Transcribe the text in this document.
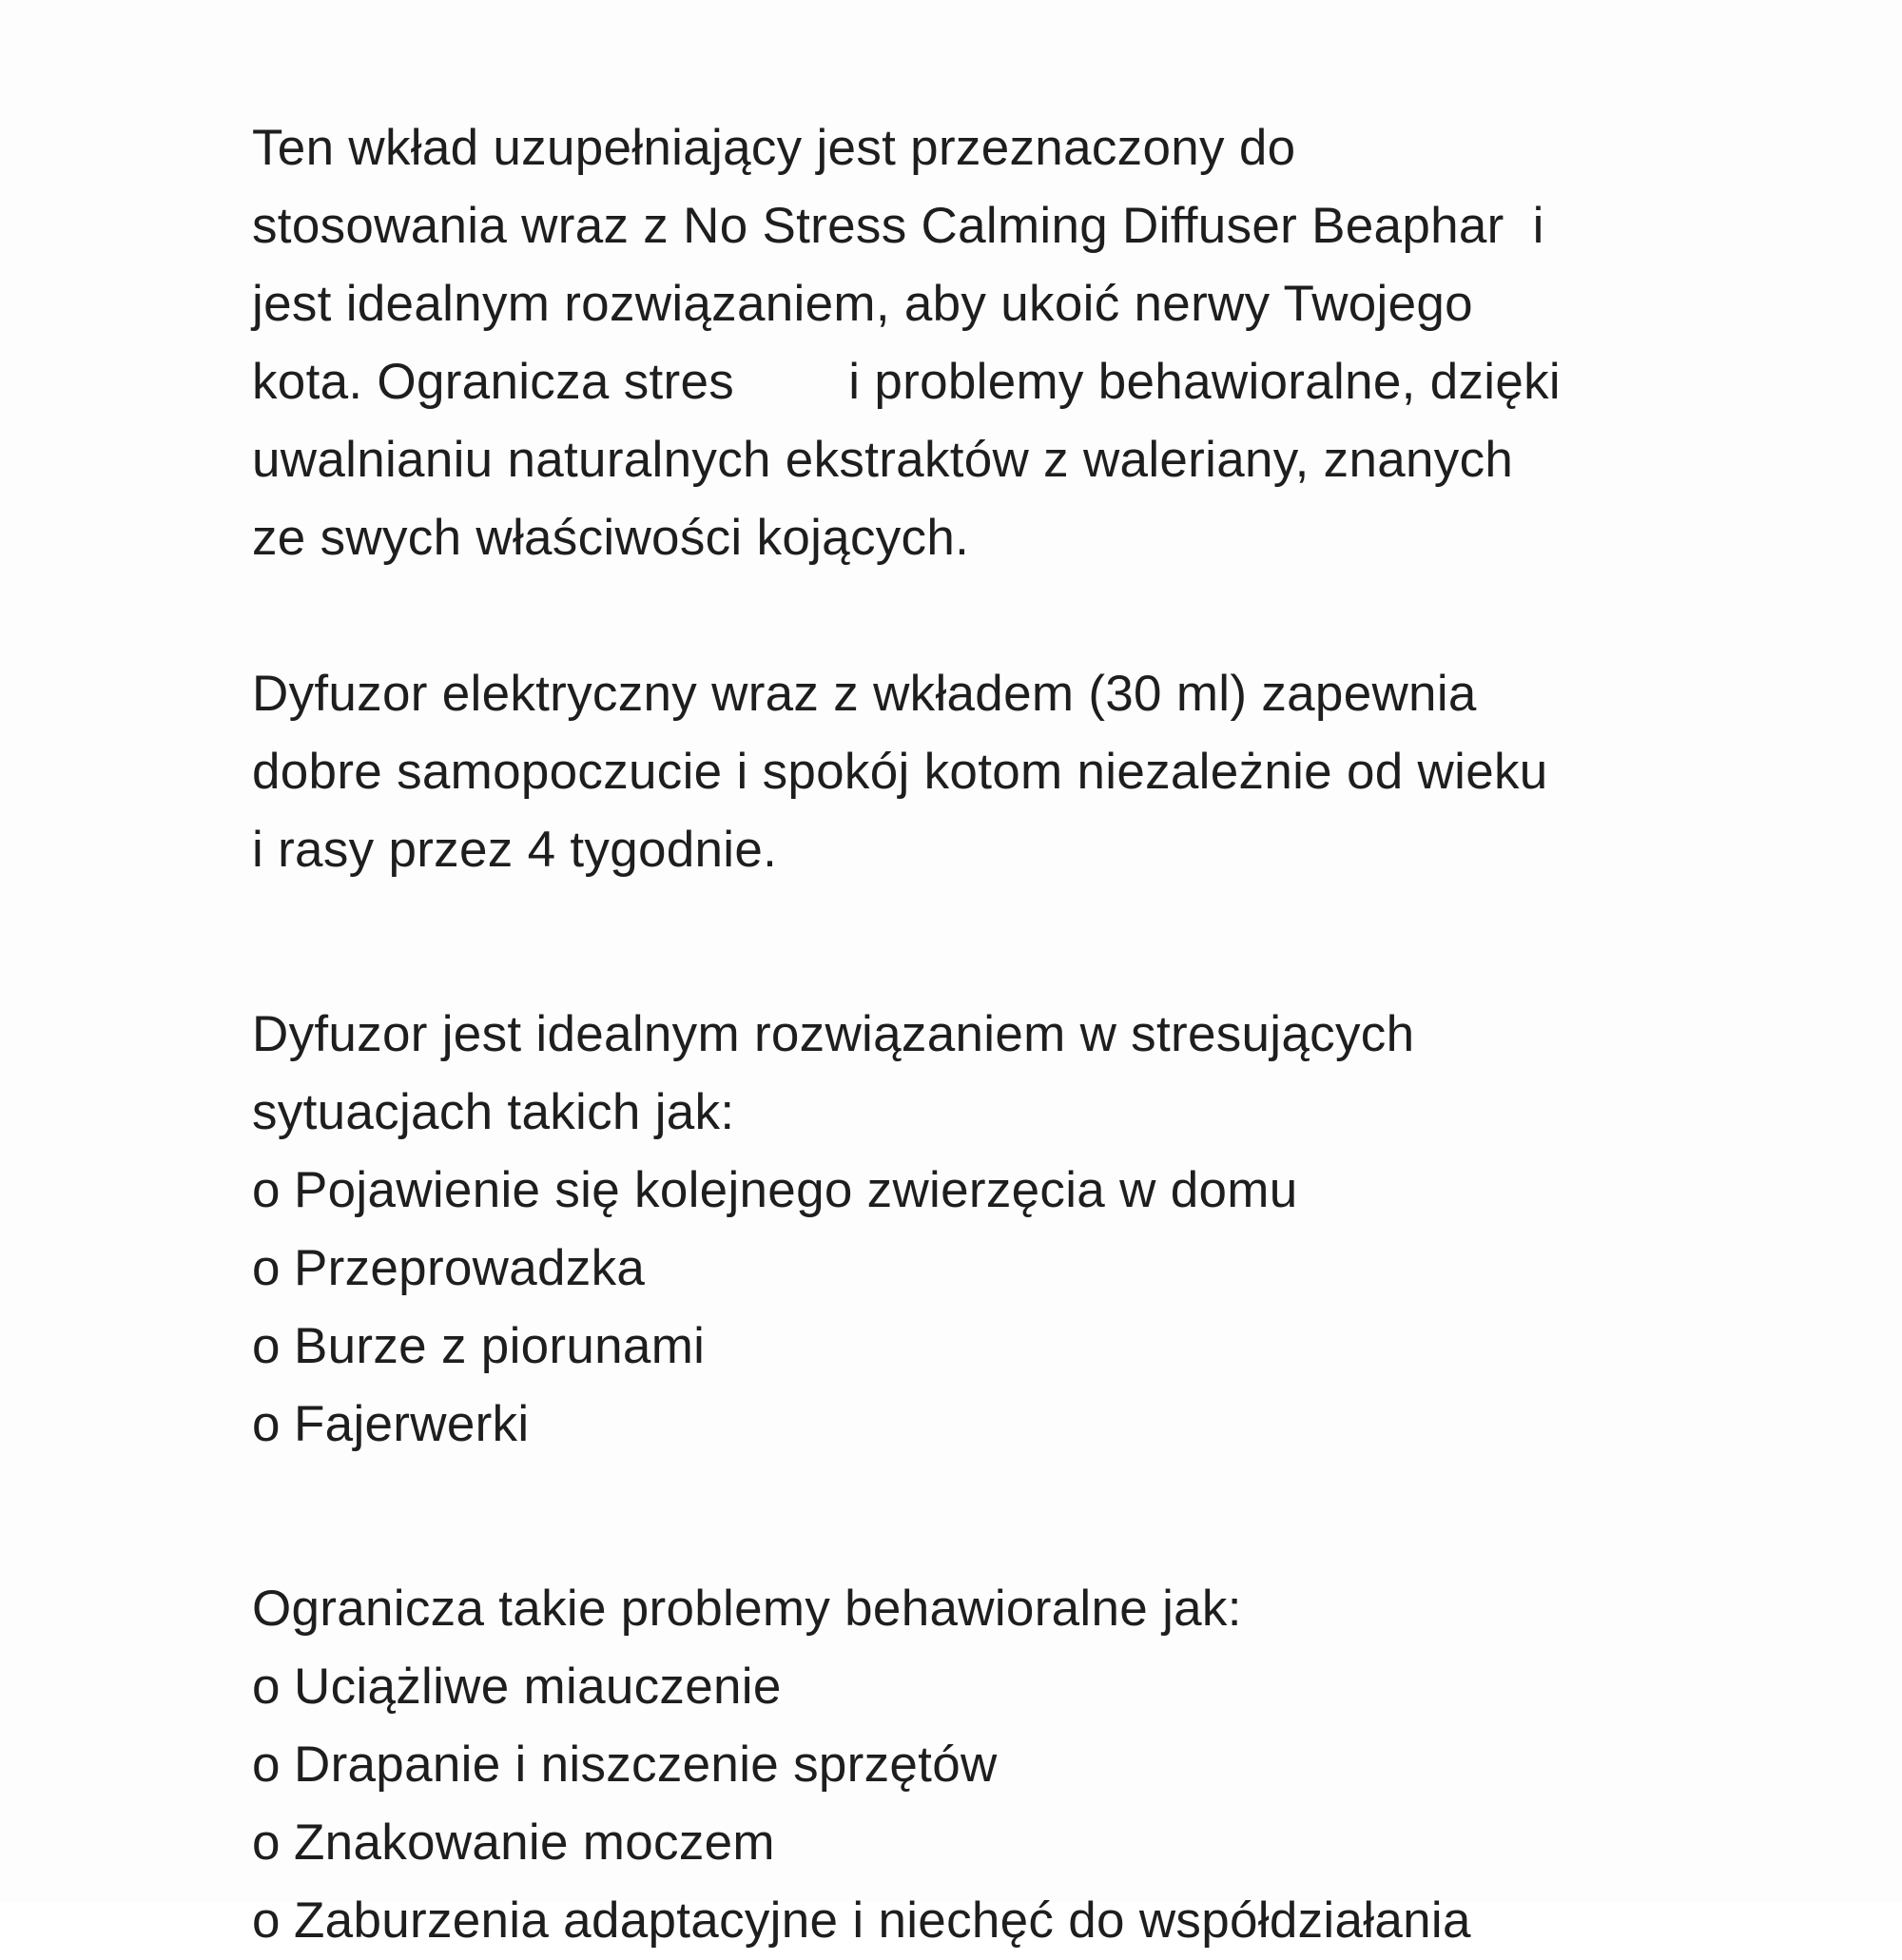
Ten wkład uzupełniający jest przeznaczony do
stosowania wraz z No Stress Calming Diffuser Beaphar  i
jest idealnym rozwiązaniem, aby ukoić nerwy Twojego
kota. Ogranicza stres        i problemy behawioralne, dzięki
uwalnianiu naturalnych ekstraktów z waleriany, znanych
ze swych właściwości kojących.
Dyfuzor elektryczny wraz z wkładem (30 ml) zapewnia
dobre samopoczucie i spokój kotom niezależnie od wieku
i rasy przez 4 tygodnie.
Dyfuzor jest idealnym rozwiązaniem w stresujących
sytuacjach takich jak:
o Pojawienie się kolejnego zwierzęcia w domu
o Przeprowadzka
o Burze z piorunami
o Fajerwerki
Ogranicza takie problemy behawioralne jak:
o Uciążliwe miauczenie
o Drapanie i niszczenie sprzętów
o Znakowanie moczem
o Zaburzenia adaptacyjne i niechęć do współdziałania
